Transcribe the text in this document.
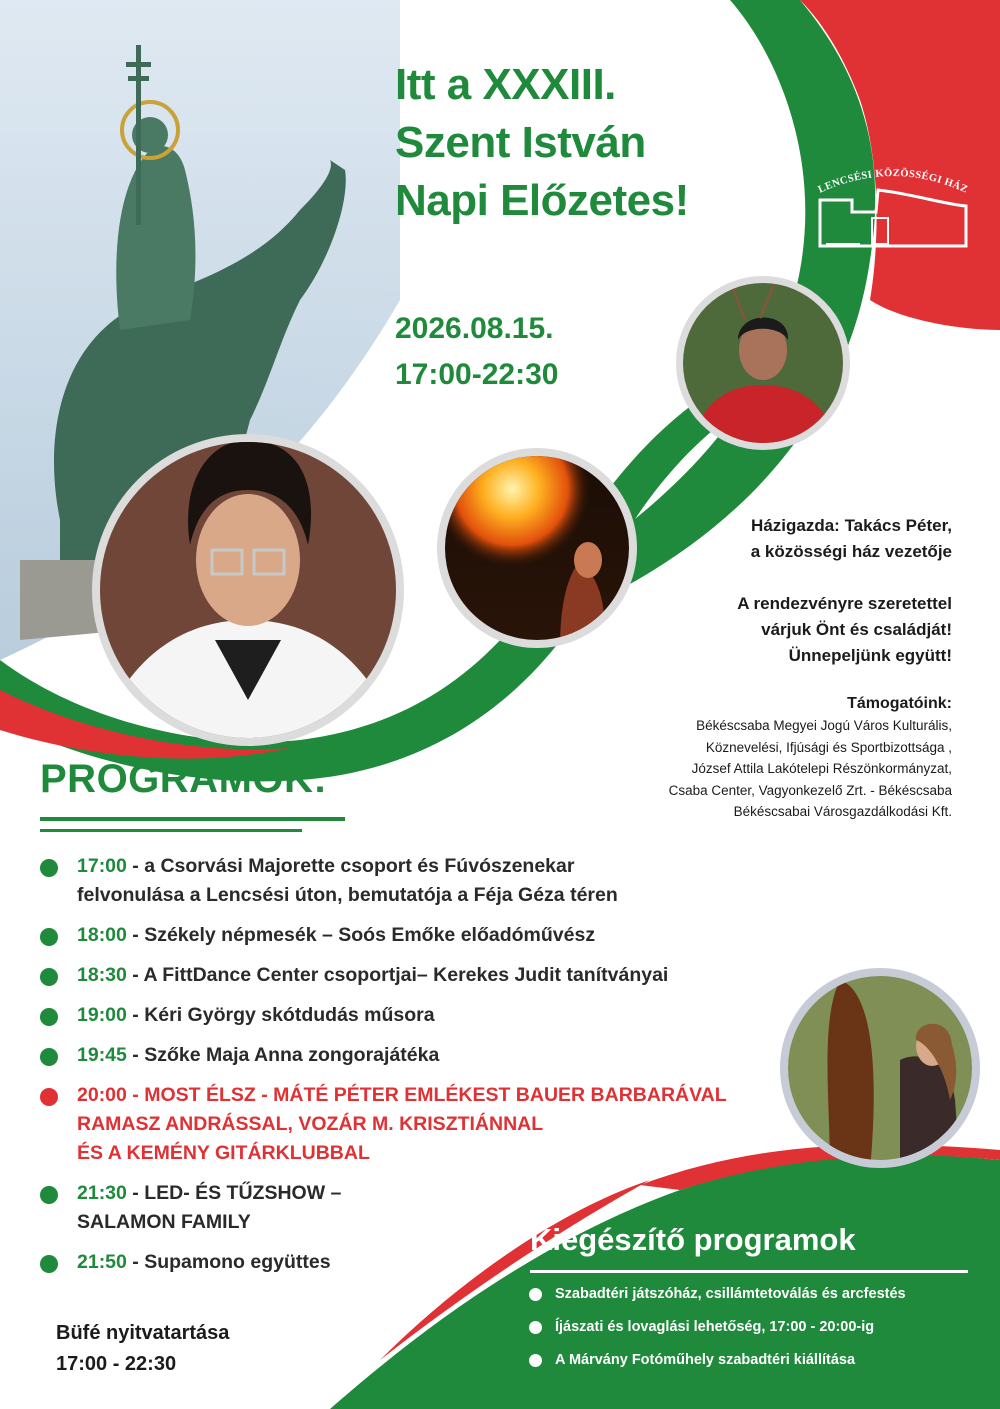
LENCSÉSI KÖZÖSSÉGI HÁZ
Itt a XXXIII.
Szent István
Napi Előzetes!
2026.08.15.
17:00-22:30
Házigazda: Takács Péter,
a közösségi ház vezetője
A rendezvényre szeretettel
várjuk Önt és családját!
Ünnepeljünk együtt!
Támogatóink:
Békéscsaba Megyei Jogú Város Kulturális,
Köznevelési, Ifjúsági és Sportbizottsága ,
József Attila Lakótelepi Részönkormányzat,
Csaba Center, Vagyonkezelő Zrt. - Békéscsaba
Békéscsabai Városgazdálkodási Kft.
PROGRAMOK:
17:00 - a Csorvási Majorette csoport és Fúvószenekar
felvonulása a Lencsési úton, bemutatója a Féja Géza téren
18:00 - Székely népmesék – Soós Emőke előadóművész
18:30 - A FittDance Center csoportjai– Kerekes Judit tanítványai
19:00 - Kéri György skótdudás műsora
19:45 - Szőke Maja Anna zongorajátéka
20:00 - MOST ÉLSZ - MÁTÉ PÉTER EMLÉKEST BAUER BARBARÁVAL
RAMASZ ANDRÁSSAL, VOZÁR M. KRISZTIÁNNAL
ÉS A KEMÉNY GITÁRKLUBBAL
21:30 - LED- ÉS TŰZSHOW –
SALAMON FAMILY
21:50 - Supamono együttes
Büfé nyitvatartása
17:00 - 22:30
Kiegészítő programok
Szabadtéri játszóház, csillámtetoválás és arcfestés
Íjászati és lovaglási lehetőség, 17:00 - 20:00-ig
A Márvány Fotóműhely szabadtéri kiállítása
